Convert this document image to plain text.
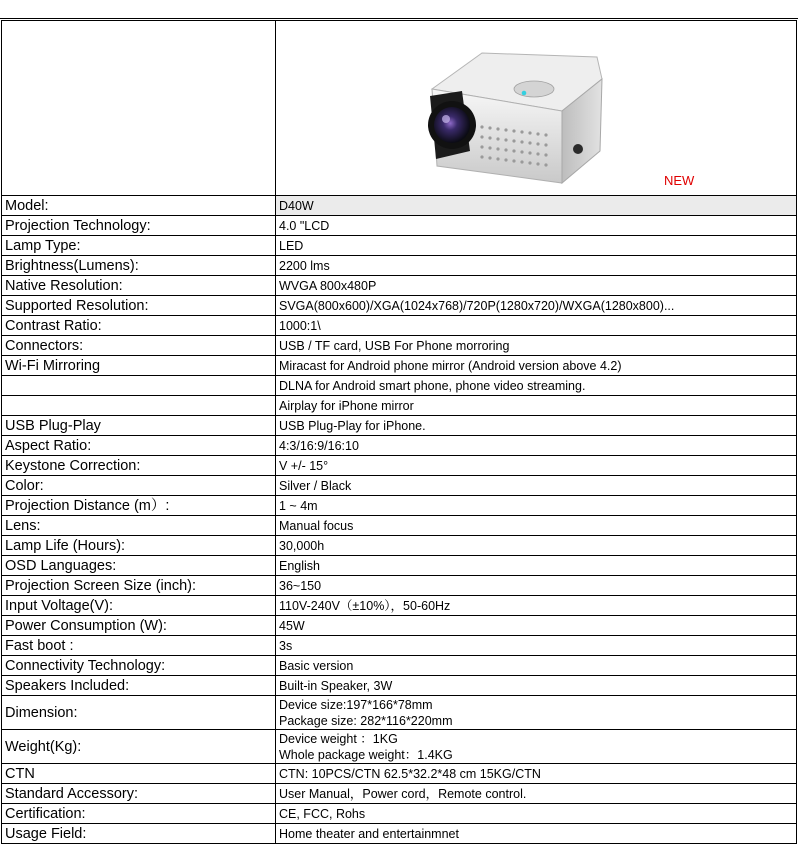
	NEW

Model:	D40W
Projection Technology:	4.0 "LCD
Lamp Type:	LED
Brightness(Lumens):	2200 lms
Native Resolution:	WVGA 800x480P
Supported Resolution:	SVGA(800x600)/XGA(1024x768)/720P(1280x720)/WXGA(1280x800)...
Contrast Ratio:	1000:1\
Connectors:	USB / TF card, USB For Phone morroring
Wi-Fi Mirroring	Miracast for Android phone mirror (Android version above 4.2)
	DLNA for Android smart phone, phone video streaming.
	Airplay for iPhone mirror
USB Plug-Play	USB Plug-Play for iPhone.
Aspect Ratio:	4:3/16:9/16:10
Keystone Correction:	V +/- 15°
Color:	Silver / Black
Projection Distance (m）:	1 ~ 4m
Lens:	Manual focus
Lamp Life (Hours):	30,000h
OSD Languages:	English
Projection Screen Size (inch):	36~150
Input Voltage(V):	110V-240V（±10%），50-60Hz
Power Consumption (W):	45W
Fast boot :	3s
Connectivity Technology:	Basic version
Speakers Included:	Built-in Speaker, 3W
Dimension:	Device size:197*166*78mm
Package size: 282*116*220mm

Weight(Kg):	Device weight ：1KG
Whole package weight：1.4KG

CTN	CTN: 10PCS/CTN 62.5*32.2*48 cm 15KG/CTN
Standard Accessory:	User Manual，Power cord，Remote control.
Certification:	CE, FCC, Rohs
Usage Field:	Home theater and entertainmnet
